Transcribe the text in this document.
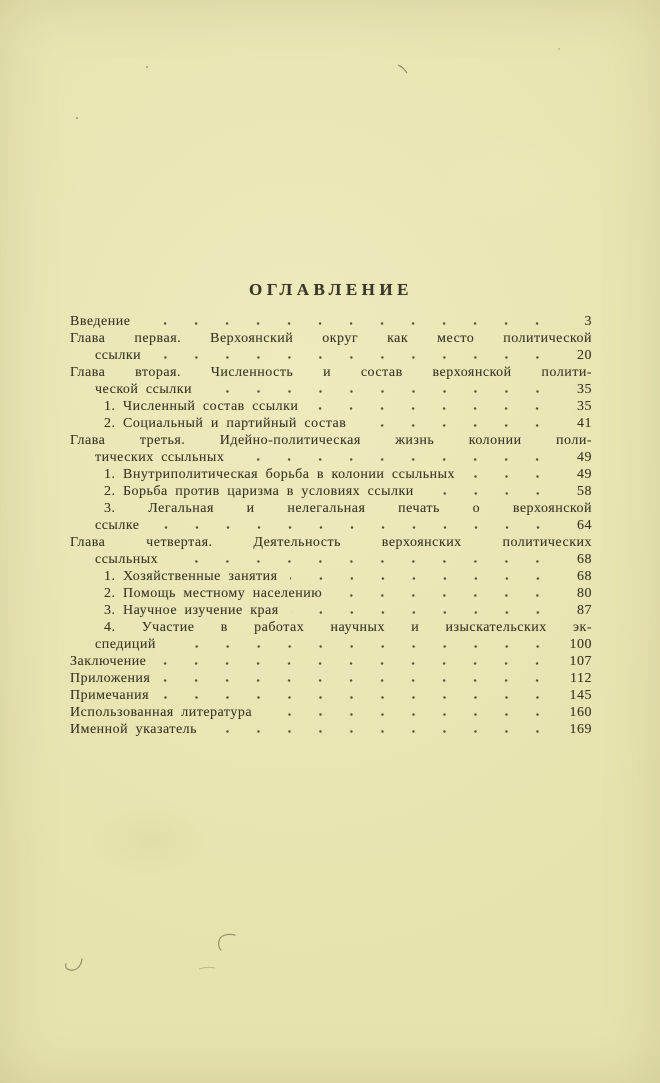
ОГЛАВЛЕНИЕ
Введение	3
Глава первая. Верхоянский округ как место политической
ссылки	20
Глава вторая. Численность и состав верхоянской полити-
ческой ссылки	35
1. Численный состав ссылки	35
2. Социальный и партийный состав	41
Глава третья. Идейно-политическая жизнь колонии поли-
тических ссыльных	49
1. Внутриполитическая борьба в колонии ссыльных	49
2. Борьба против царизма в условиях ссылки	58
3. Легальная и нелегальная печать о верхоянской
ссылке	64
Глава четвертая. Деятельность верхоянских политических
ссыльных	68
1. Хозяйственные занятия	68
2. Помощь местному населению	80
3. Научное изучение края	87
4. Участие в работах научных и изыскательских эк-
спедиций	100
Заключение	107
Приложения	112
Примечания	145
Использованная литература	160
Именной указатель	169
